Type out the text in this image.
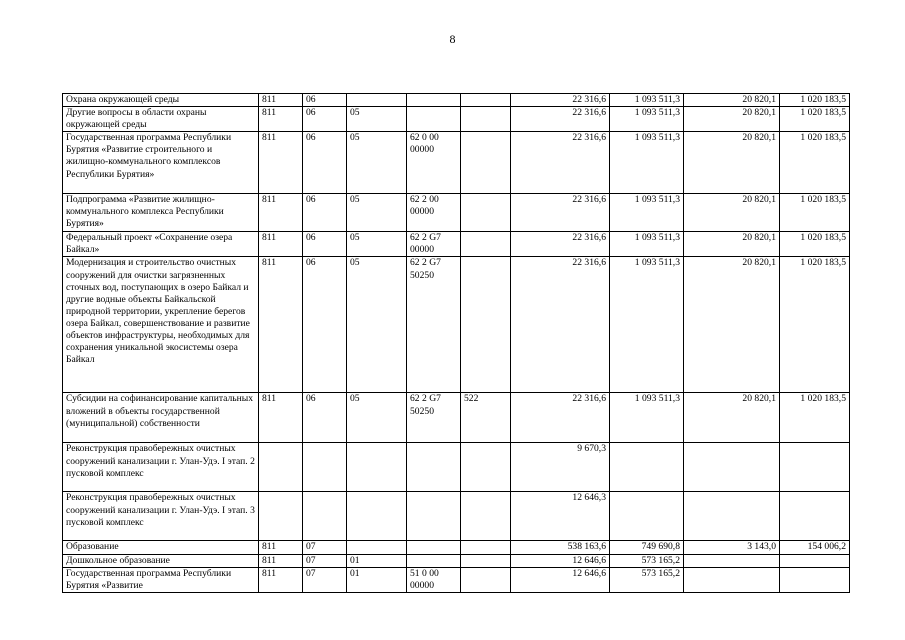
8
Охрана окружающей среды	811	06				22 316,6	1 093 511,3	20 820,1	1 020 183,5
Другие вопросы в области охраны окружающей среды	811	06	05			22 316,6	1 093 511,3	20 820,1	1 020 183,5
Государственная программа Республики Бурятия «Развитие строительного и жилищно-коммунального комплексов Республики Бурятия»	811	06	05	62 0 00 00000		22 316,6	1 093 511,3	20 820,1	1 020 183,5
Подпрограмма «Развитие жилищно-коммунального комплекса Республики Бурятия»	811	06	05	62 2 00 00000		22 316,6	1 093 511,3	20 820,1	1 020 183,5
Федеральный проект «Сохранение озера Байкал»	811	06	05	62 2 G7 00000		22 316,6	1 093 511,3	20 820,1	1 020 183,5
Модернизация и строительство очистных сооружений для очистки загрязненных сточных вод, поступающих в озеро Байкал и другие водные объекты Байкальской природной территории, укрепление берегов озера Байкал, совершенствование и развитие объектов инфраструктуры, необходимых для сохранения уникальной экосистемы озера Байкал	811	06	05	62 2 G7 50250		22 316,6	1 093 511,3	20 820,1	1 020 183,5
Субсидии на софинансирование капитальных вложений в объекты государственной (муниципальной) собственности	811	06	05	62 2 G7 50250	522	22 316,6	1 093 511,3	20 820,1	1 020 183,5
Реконструкция правобережных очистных сооружений канализации г. Улан-Удэ. I этап. 2 пусковой комплекс						9 670,3			
Реконструкция правобережных очистных сооружений канализации г. Улан-Удэ. I этап. 3 пусковой комплекс						12 646,3			
Образование	811	07				538 163,6	749 690,8	3 143,0	154 006,2
Дошкольное образование	811	07	01			12 646,6	573 165,2		
Государственная программа Республики Бурятия «Развитие	811	07	01	51 0 00 00000		12 646,6	573 165,2		
